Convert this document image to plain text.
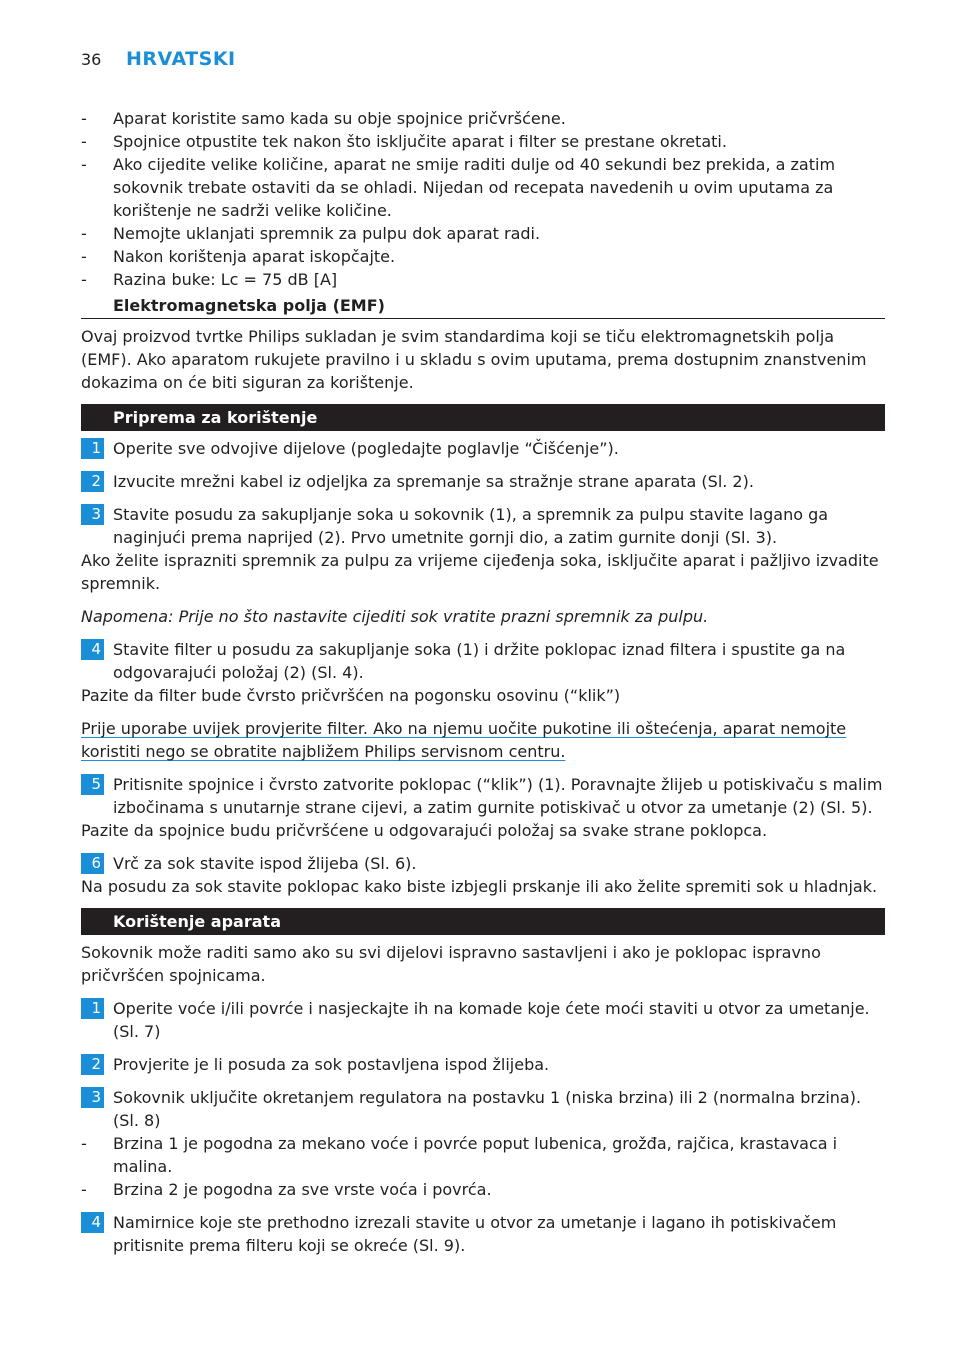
36 HRVATSKI
- Aparat koristite samo kada su obje spojnice pričvršćene.
- Spojnice otpustite tek nakon što isključite aparat i filter se prestane okretati.
- Ako cijedite velike količine, aparat ne smije raditi dulje od 40 sekundi bez prekida, a zatim sokovnik trebate ostaviti da se ohladi. Nijedan od recepata navedenih u ovim uputama za korištenje ne sadrži velike količine.
- Nemojte uklanjati spremnik za pulpu dok aparat radi.
- Nakon korištenja aparat iskopčajte.
- Razina buke: Lc = 75 dB [A]
Elektromagnetska polja (EMF)

Ovaj proizvod tvrtke Philips sukladan je svim standardima koji se tiču elektromagnetskih polja (EMF). Ako aparatom rukujete pravilno i u skladu s ovim uputama, prema dostupnim znanstvenim dokazima on će biti siguran za korištenje.

Priprema za korištenje
1 Operite sve odvojive dijelove (pogledajte poglavlje “Čišćenje”).
2 Izvucite mrežni kabel iz odjeljka za spremanje sa stražnje strane aparata (Sl. 2).
3 Stavite posudu za sakupljanje soka u sokovnik (1), a spremnik za pulpu stavite lagano ga naginjući prema naprijed (2). Prvo umetnite gornji dio, a zatim gurnite donji (Sl. 3).

Ako želite isprazniti spremnik za pulpu za vrijeme cijeđenja soka, isključite aparat i pažljivo izvadite spremnik.

Napomena: Prije no što nastavite cijediti sok vratite prazni spremnik za pulpu.

4 Stavite filter u posudu za sakupljanje soka (1) i držite poklopac iznad filtera i spustite ga na odgovarajući položaj (2) (Sl. 4).

Pazite da filter bude čvrsto pričvršćen na pogonsku osovinu (“klik”)

Prije uporabe uvijek provjerite filter. Ako na njemu uočite pukotine ili oštećenja, aparat nemojte koristiti nego se obratite najbližem Philips servisnom centru.

5 Pritisnite spojnice i čvrsto zatvorite poklopac (“klik”) (1). Poravnajte žlijeb u potiskivaču s malim izbočinama s unutarnje strane cijevi, a zatim gurnite potiskivač u otvor za umetanje (2) (Sl. 5).

Pazite da spojnice budu pričvršćene u odgovarajući položaj sa svake strane poklopca.

6 Vrč za sok stavite ispod žlijeba (Sl. 6).

Na posudu za sok stavite poklopac kako biste izbjegli prskanje ili ako želite spremiti sok u hladnjak.

Korištenje aparata

Sokovnik može raditi samo ako su svi dijelovi ispravno sastavljeni i ako je poklopac ispravno pričvršćen spojnicama.

1 Operite voće i/ili povrće i nasjeckajte ih na komade koje ćete moći staviti u otvor za umetanje. (Sl. 7)
2 Provjerite je li posuda za sok postavljena ispod žlijeba.
3 Sokovnik uključite okretanjem regulatora na postavku 1 (niska brzina) ili 2 (normalna brzina). (Sl. 8)
- Brzina 1 je pogodna za mekano voće i povrće poput lubenica, grožđa, rajčica, krastavaca i malina.
- Brzina 2 je pogodna za sve vrste voća i povrća.
4 Namirnice koje ste prethodno izrezali stavite u otvor za umetanje i lagano ih potiskivačem pritisnite prema filteru koji se okreće (Sl. 9).
